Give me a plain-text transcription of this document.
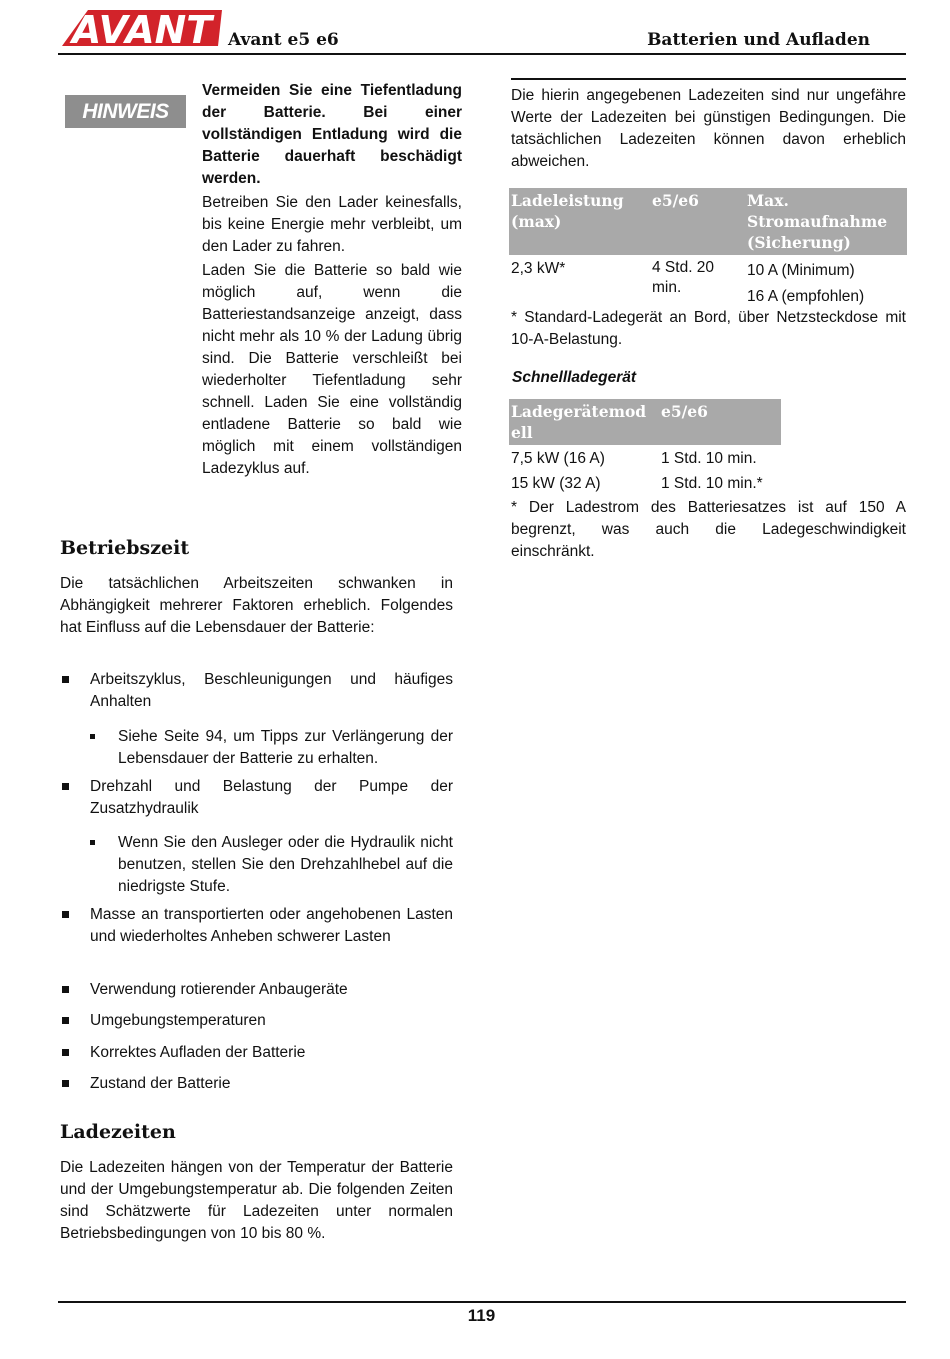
AVANT Avant e5 e6	Batterien und Aufladen
HINWEIS

Vermeiden Sie eine Tiefentladung der Batterie. Bei einer vollständigen Entladung wird die Batterie dauerhaft beschädigt werden.

Betreiben Sie den Lader keinesfalls, bis keine Energie mehr verbleibt, um den Lader zu fahren.

Laden Sie die Batterie so bald wie möglich auf, wenn die Batteriestandsanzeige anzeigt, dass nicht mehr als 10 % der Ladung übrig sind. Die Batterie verschleißt bei wiederholter Tiefentladung sehr schnell. Laden Sie eine vollständig entladene Batterie so bald wie möglich mit einem vollständigen Ladezyklus auf.

Betriebszeit

Die tatsächlichen Arbeitszeiten schwanken in Abhängigkeit mehrerer Faktoren erheblich. Folgendes hat Einfluss auf die Lebensdauer der Batterie:

Arbeitszyklus, Beschleunigungen und häufiges Anhalten
Siehe Seite 94, um Tipps zur Verlängerung der Lebensdauer der Batterie zu erhalten.
Drehzahl und Belastung der Pumpe der Zusatzhydraulik
Wenn Sie den Ausleger oder die Hydraulik nicht benutzen, stellen Sie den Drehzahlhebel auf die niedrigste Stufe.
Masse an transportierten oder angehobenen Lasten und wiederholtes Anheben schwerer Lasten
Verwendung rotierender Anbaugeräte
Umgebungstemperaturen
Korrektes Aufladen der Batterie
Zustand der Batterie
Ladezeiten

Die Ladezeiten hängen von der Temperatur der Batterie und der Umgebungstemperatur ab. Die folgenden Zeiten sind Schätzwerte für Ladezeiten unter normalen Betriebsbedingungen von 10 bis 80 %.

Die hierin angegebenen Ladezeiten sind nur ungefähre Werte der Ladezeiten bei günstigen Bedingungen. Die tatsächlichen Ladezeiten können davon erheblich abweichen.

Ladeleistung (max)	e5/e6	Max. Stromaufnahme (Sicherung)
2,3 kW*	4 Std. 20 min.	10 A (Minimum)
16 A (empfohlen)

* Standard-Ladegerät an Bord, über Netzsteckdose mit 10-A-Belastung.

Schnellladegerät
Ladegerätemod ell	e5/e6
7,5 kW (16 A)	1 Std. 10 min.
15 kW (32 A)	1 Std. 10 min.*

* Der Ladestrom des Batteriesatzes ist auf 150 A begrenzt, was auch die Ladegeschwindigkeit einschränkt.

119
